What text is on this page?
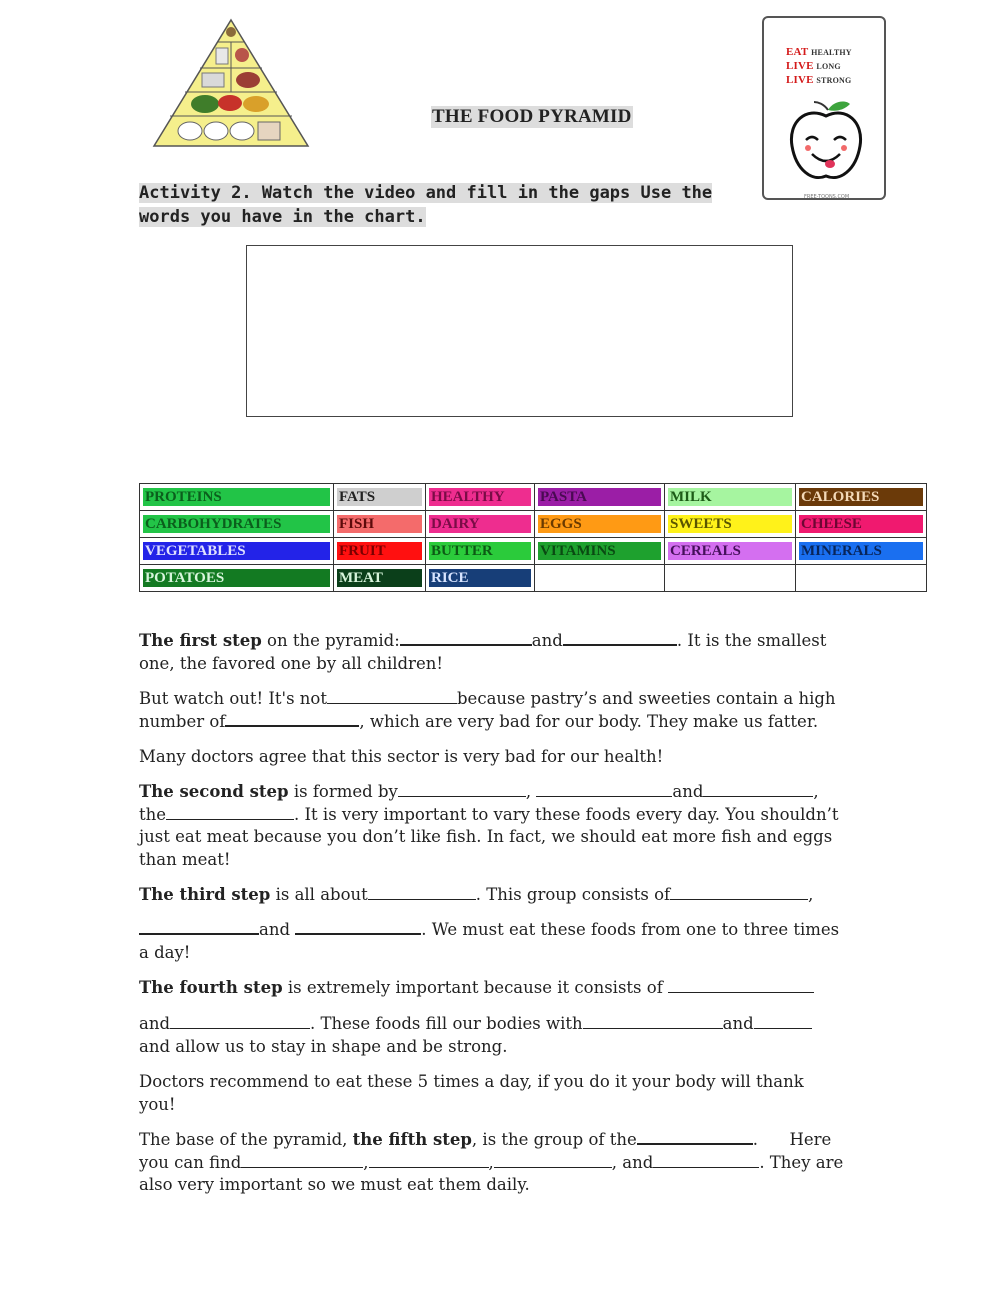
THE FOOD PYRAMID
EAT HEALTHY
LIVE LONG
LIVE STRONG
FREE-TOONS.COM
Activity 2. Watch the video and fill in the gaps Use the
words you have in the chart.
PROTEINS	FATS	HEALTHY	PASTA	MILK	CALORIES

CARBOHYDRATES	FISH	DAIRY	EGGS	SWEETS	CHEESE

VEGETABLES	FRUIT	BUTTER	VITAMINS	CEREALS	MINERALS

POTATOES	MEAT	RICE			

The first step on the pyramid:	and	. It is the smallest

one, the favored one by all children!

But watch out! It's not	because pastry’s and sweeties contain a high

number of	, which are very bad for our body. They make us fatter.

Many doctors agree that this sector is very bad for our health!

The second step is formed by	,	and	,

the	. It is very important to vary these foods every day. You shouldn’t

just eat meat because you don’t like fish. In fact, we should eat more fish and eggs

than meat!

The third step is all about	. This group consists of	,

and	. We must eat these foods from one to three times

a day!

The fourth step is extremely important because it consists of

and	. These foods fill our bodies with	and

and allow us to stay in shape and be strong.

Doctors recommend to eat these 5 times a day, if you do it your body will thank

you!

The base of the pyramid, the fifth step, is the group of the	.      Here

you can find	,	,	, and	. They are

also very important so we must eat them daily.
